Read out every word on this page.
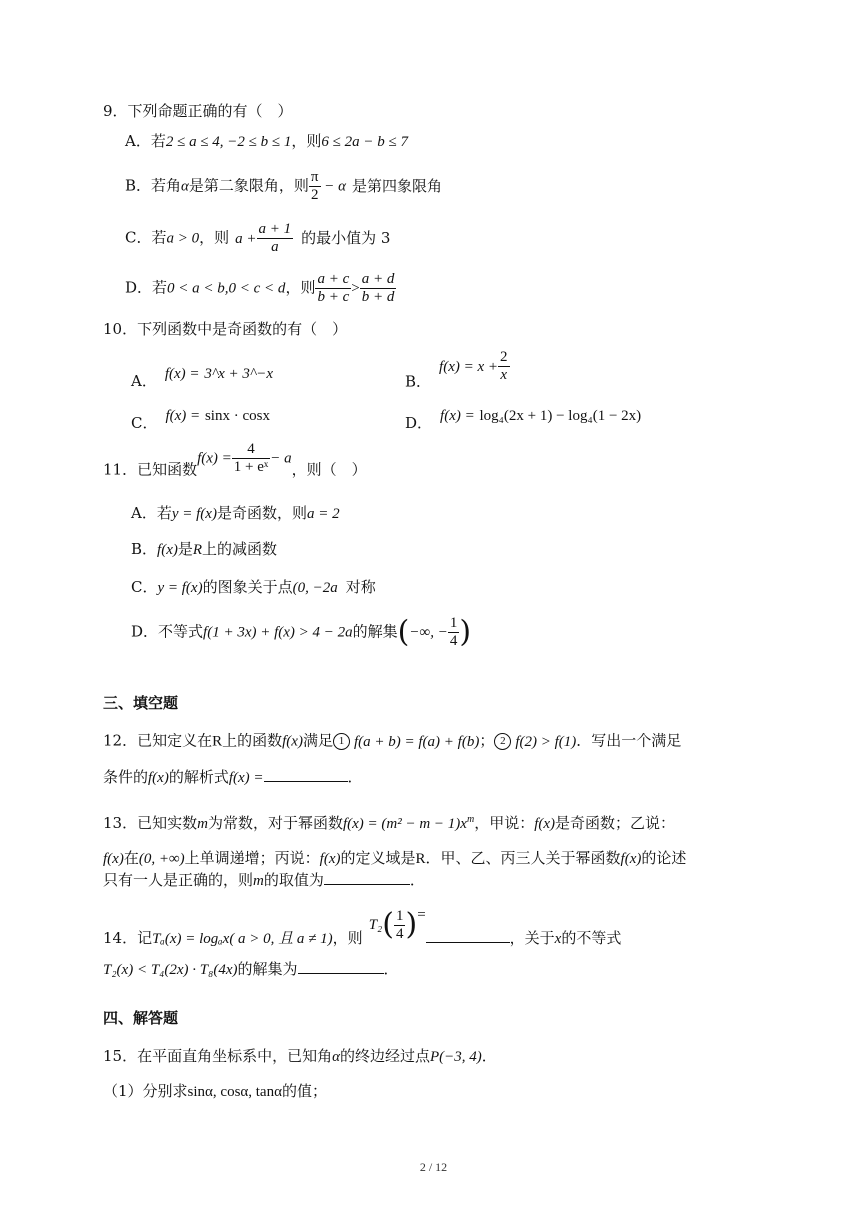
9．下列命题正确的有（　）
A．若2 ≤ a ≤ 4, −2 ≤ b ≤ 1，则6 ≤ 2a − b ≤ 7
B．若角α是第二象限角，则 $\frac{\pi}{2} - \alpha$ 是第四象限角
C．若a > 0，则 $a + \frac{a + 1}{a}$ 的最小值为 3
D．若0 < a < b,0 < c < d，则 $\frac{a + c}{b + c} > \frac{a + d}{b + d}$
10．下列函数中是奇函数的有（　）
A． f(x) = 3^x + 3^−x	B．$f(x) = x + \frac{2}{x}$
C． f(x) = sinx · cosx	D． f(x) = log₄(2x + 1) − log₄(1 − 2x)
11．已知函数$f(x) = \frac{4}{\text{1 + eˣ}} - a$，则（　）
A．若y = f(x)是奇函数，则a = 2
B．f(x)是R上的减函数
C．y = f(x)的图象关于点(0, −2a 对称
D．不等式f(1 + 3x) + f(x) > 4 − 2a的解集(−∞, − $\frac{1}{4}$ )
三、填空题
12．已知定义在R上的函数f(x)满足 1 f(a + b) = f(a) + f(b)； 2 f(2) > f(1)．写出一个满足
条件的f(x)的解析式f(x) =	．
13．已知实数m为常数，对于幂函数$f(x) = (m^2 - m - 1)x^m$，甲说：f(x)是奇函数；乙说：
f(x)在(0, +∞)上单调递增；丙说：f(x)的定义域是R．甲、乙、丙三人关于幂函数f(x)的论述
只有一人是正确的，则m的取值为	．
14．记Tₐ(x) = logₐx( a > 0, 且 a ≠ 1)，则$T_2( \frac{1}{4}$ )=，关于x的不等式
T₂(x) < T₄(2x) · T₈(4x)的解集为	．
四、解答题
15．在平面直角坐标系中，已知角α的终边经过点P(−3, 4)．
（1）分别求sinα, cosα, tanα的值；
2 / 12
